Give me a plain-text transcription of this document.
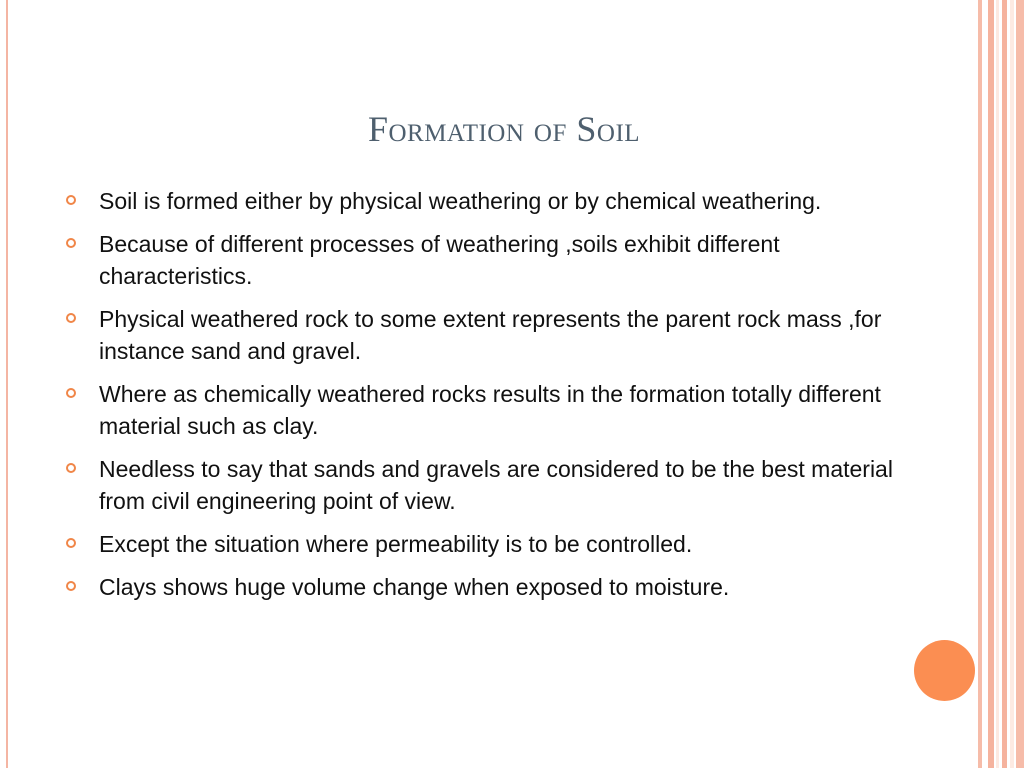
Formation of Soil
Soil is formed either by physical weathering or by chemical weathering.
Because of different processes of weathering ,soils exhibit different characteristics.
Physical weathered rock to some extent represents the parent rock mass ,for instance sand and gravel.
Where as chemically weathered rocks results in the formation totally different material such as clay.
Needless to say that sands and gravels are considered to be the best material from civil engineering point of view.
Except the situation where permeability is to be controlled.
Clays shows huge volume change when exposed to moisture.
